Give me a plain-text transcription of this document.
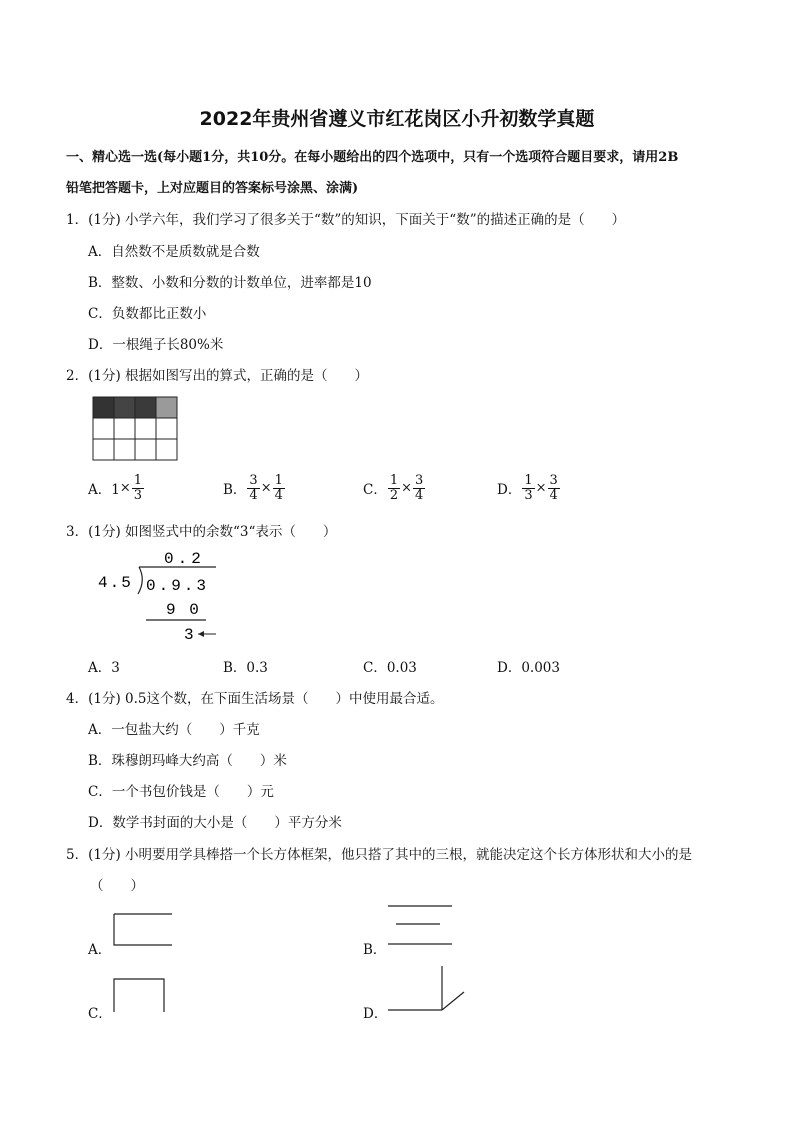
2022年贵州省遵义市红花岗区小升初数学真题
一、精心选一选(每小题1分，共10分。在每小题给出的四个选项中，只有一个选项符合题目要求，请用2B
铅笔把答题卡，上对应题目的答案标号涂黑、涂满)
1．(1分) 小学六年，我们学习了很多关于“数”的知识，下面关于“数”的描述正确的是（　　）
A．自然数不是质数就是合数
B．整数、小数和分数的计数单位，进率都是10
C．负数都比正数小
D．一根绳子长80%米
2．(1分) 根据如图写出的算式，正确的是（　　）
A．$1\times \frac{1}{3}$	B． $\frac{3}{4} \times \frac{1}{4}$	C． $\frac{1}{2} \times \frac{3}{4}$	D． $\frac{1}{3} \times \frac{3}{4}$
3．(1分) 如图竖式中的余数“3“表示（　　）
0.2
4.5 0.9.3
9 0
3
A．3	B．0.3	C．0.03	D．0.003
4．(1分) 0.5这个数，在下面生活场景（　　）中使用最合适。
A．一包盐大约（　　）千克
B．珠穆朗玛峰大约高（　　）米
C．一个书包价钱是（　　）元
D．数学书封面的大小是（　　）平方分米
5．(1分) 小明要用学具棒搭一个长方体框架，他只搭了其中的三根，就能决定这个长方体形状和大小的是
（　　）
A．	B．
C．	D．
